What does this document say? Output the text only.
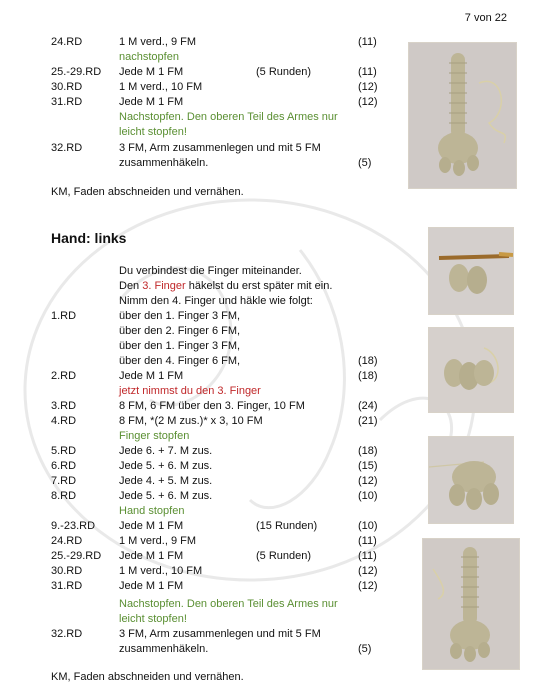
7 von 22
24.RD	1 M verd., 9 FM	(11)
nachstopfen
25.-29.RD Jede M 1 FM	(5 Runden)	(11)
30.RD	1 M verd., 10 FM	(12)
31.RD	Jede M 1 FM	(12)
Nachstopfen. Den oberen Teil des Armes nur
leicht stopfen!
32.RD	3 FM, Arm zusammenlegen und mit 5 FM
zusammenhäkeln.	(5)
KM, Faden abschneiden und vernähen.
Hand: links
Du verbindest die Finger miteinander.
Den 3. Finger häkelst du erst später mit ein.
Nimm den 4. Finger und häkle wie folgt:
1.RD	über den 1. Finger 3 FM,
über den 2. Finger 6 FM,
über den 1. Finger 3 FM,
über den 4. Finger 6 FM,	(18)
2.RD	Jede M 1 FM	(18)
jetzt nimmst du den 3. Finger
3.RD	8 FM, 6 FM über den 3. Finger, 10 FM	(24)
4.RD	8 FM, *(2 M zus.)* x 3, 10 FM	(21)
Finger stopfen
5.RD	Jede 6. + 7. M zus.	(18)
6.RD	Jede 5. + 6. M zus.	(15)
7.RD	Jede 4. + 5. M zus.	(12)
8.RD	Jede 5. + 6. M zus.	(10)
Hand stopfen
9.-23.RD Jede M 1 FM	(15 Runden)	(10)
24.RD	1 M verd., 9 FM	(11)
25.-29.RD Jede M 1 FM	(5 Runden)	(11)
30.RD	1 M verd., 10 FM	(12)
31.RD	Jede M 1 FM	(12)
Nachstopfen. Den oberen Teil des Armes nur
leicht stopfen!
32.RD	3 FM, Arm zusammenlegen und mit 5 FM
zusammenhäkeln.	(5)
KM, Faden abschneiden und vernähen.
